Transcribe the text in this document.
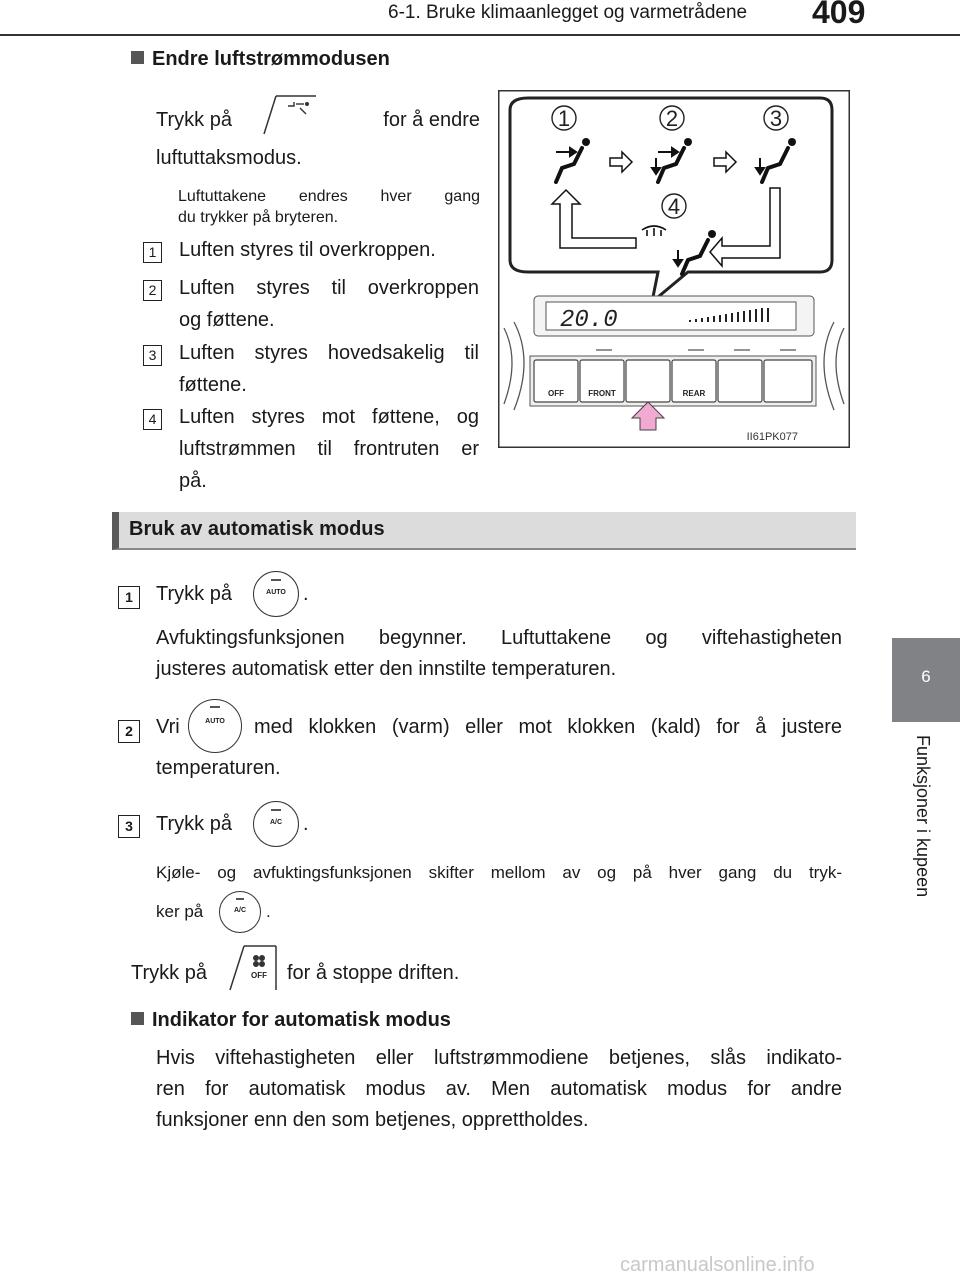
6-1. Bruke klimaanlegget og varmetrådene 409
6
Funksjoner i kupeen
Endre luftstrømmodusen
Trykk på	for å endre
luftuttaksmodus.
Luftuttakene endres hver gang
du trykker på bryteren.
1 Luften styres til overkroppen.
2 Luften styres til overkroppen
og føttene.
3 Luften styres hovedsakelig til
føttene.
4 Luften styres mot føttene, og
luftstrømmen til frontruten er
på.
1	2	3
4
20.0
OFF	FRONT	REAR
II61PK077
Bruk av automatisk modus
1	Trykk på	AUTO .
Avfuktingsfunksjonen begynner. Luftuttakene og viftehastigheten
justeres automatisk etter den innstilte temperaturen.
2	Vri	AUTO	med klokken (varm) eller mot klokken (kald) for å justere
temperaturen.
3	Trykk på	A/C	.
Kjøle- og avfuktingsfunksjonen skifter mellom av og på hver gang du tryk-
ker på	A/C	.
Trykk på	OFF for å stoppe driften.
Indikator for automatisk modus
Hvis viftehastigheten eller luftstrømmodiene betjenes, slås indikato-
ren for automatisk modus av. Men automatisk modus for andre
funksjoner enn den som betjenes, opprettholdes.
carmanualsonline.info
